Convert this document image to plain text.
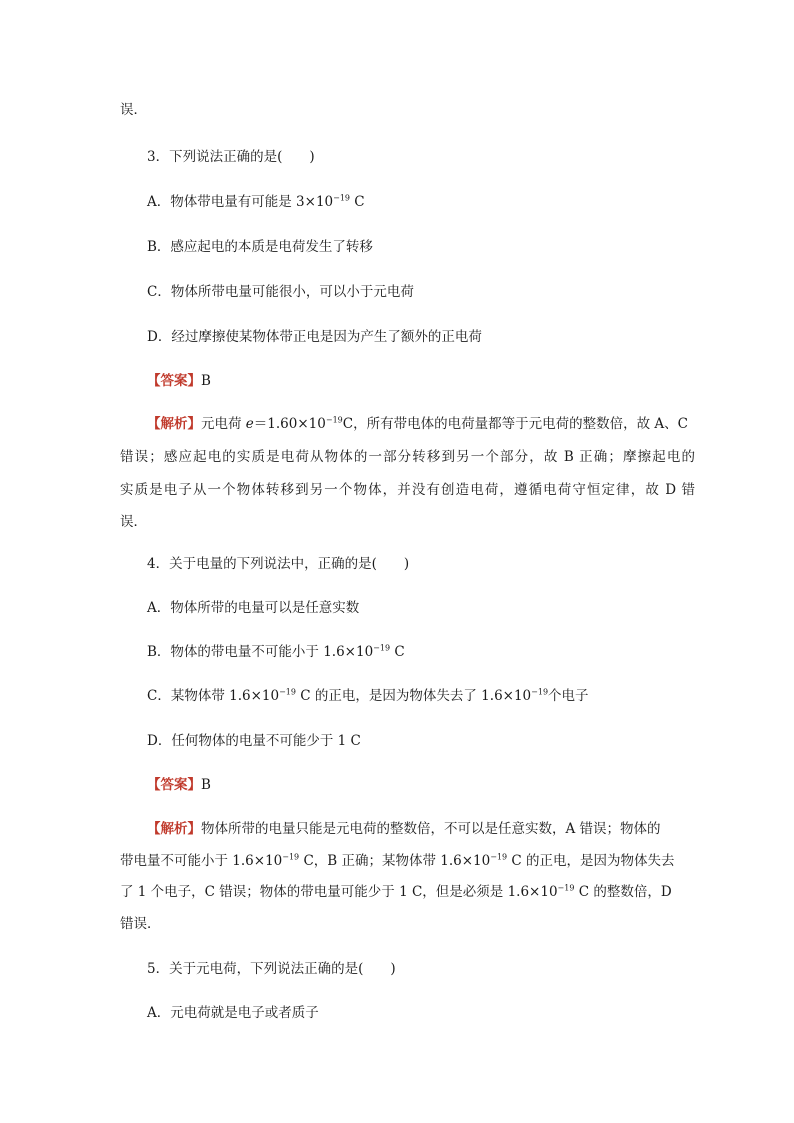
误．
3．下列说法正确的是(　　)
A．物体带电量有可能是 $3\times 10^{-19}$ C
B．感应起电的本质是电荷发生了转移
C．物体所带电量可能很小，可以小于元电荷
D．经过摩擦使某物体带正电是因为产生了额外的正电荷
【答案】B
【解析】元电荷 $e=1.60\times 10^{-19}C$，所有带电体的电荷量都等于元电荷的整数倍，故 A、C
错误；感应起电的实质是电荷从物体的一部分转移到另一个部分，故 B 正确；摩擦起电的
实质是电子从一个物体转移到另一个物体，并没有创造电荷，遵循电荷守恒定律，故 D 错
误．
4．关于电量的下列说法中，正确的是(　　)
A．物体所带的电量可以是任意实数
B．物体的带电量不可能小于 $1.6\times 10^{-19}$ C
C．某物体带 $1.6\times 10^{-19}$ C 的正电，是因为物体失去了 $1.6\times 10^{-19}$个电子
D．任何物体的电量不可能少于 1 C
【答案】B
【解析】物体所带的电量只能是元电荷的整数倍，不可以是任意实数，A 错误；物体的
带电量不可能小于 $1.6\times 10^{-19}$ C，B 正确；某物体带 $1.6\times 10^{-19}$ C 的正电，是因为物体失去
了 1 个电子，C 错误；物体的带电量可能少于 1 C，但是必须是 $1.6\times 10^{-19}$ C 的整数倍，D
错误．
5．关于元电荷，下列说法正确的是(　　)
A．元电荷就是电子或者质子
